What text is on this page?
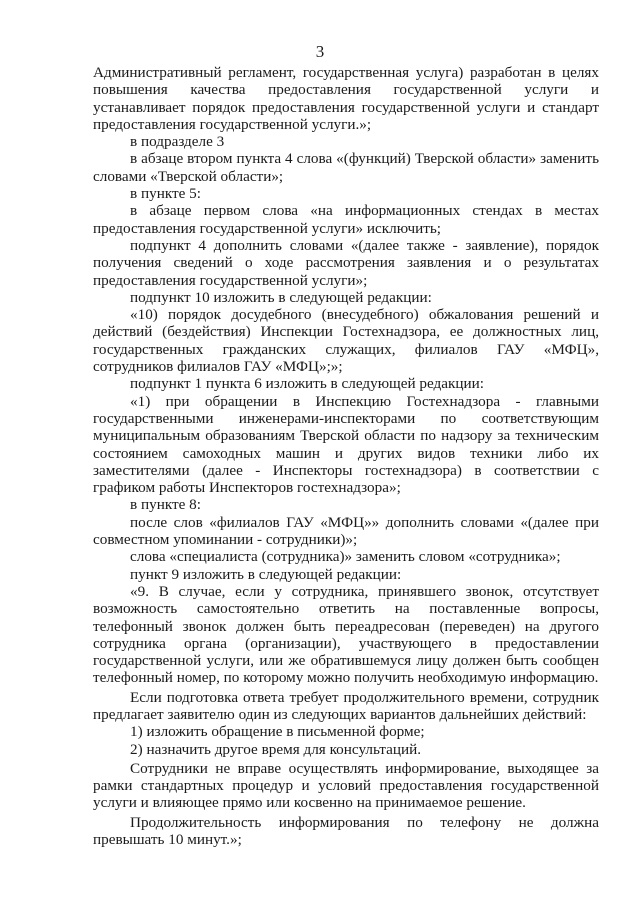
3

Административный регламент, государственная услуга) разработан в целях повышения качества предоставления государственной услуги и устанавливает порядок предоставления государственной услуги и стандарт предоставления государственной услуги.»;

в подразделе 3

в абзаце втором пункта 4 слова «(функций) Тверской области» заменить словами «Тверской области»;

в пункте 5:

в абзаце первом слова «на информационных стендах в местах предоставления государственной услуги» исключить;

подпункт 4 дополнить словами «(далее также - заявление), порядок получения сведений о ходе рассмотрения заявления и о результатах предоставления государственной услуги»;

подпункт 10 изложить в следующей редакции:

«10) порядок досудебного (внесудебного) обжалования решений и действий (бездействия) Инспекции Гостехнадзора, ее должностных лиц, государственных гражданских служащих, филиалов ГАУ «МФЦ», сотрудников филиалов ГАУ «МФЦ»;»;

подпункт 1 пункта 6 изложить в следующей редакции:

«1) при обращении в Инспекцию Гостехнадзора - главными государственными инженерами-инспекторами по соответствующим муниципальным образованиям Тверской области по надзору за техническим состоянием самоходных машин и других видов техники либо их заместителями (далее - Инспекторы гостехнадзора) в соответствии с графиком работы Инспекторов гостехнадзора»;

в пункте 8:

после слов «филиалов ГАУ «МФЦ»» дополнить словами «(далее при совместном упоминании - сотрудники)»;

слова «специалиста (сотрудника)» заменить словом «сотрудника»;

пункт 9 изложить в следующей редакции:

«9. В случае, если у сотрудника, принявшего звонок, отсутствует возможность самостоятельно ответить на поставленные вопросы, телефонный звонок должен быть переадресован (переведен) на другого сотрудника органа (организации), участвующего в предоставлении государственной услуги, или же обратившемуся лицу должен быть сообщен телефонный номер, по которому можно получить необходимую информацию.

Если подготовка ответа требует продолжительного времени, сотрудник предлагает заявителю один из следующих вариантов дальнейших действий:

1) изложить обращение в письменной форме;

2) назначить другое время для консультаций.

Сотрудники не вправе осуществлять информирование, выходящее за рамки стандартных процедур и условий предоставления государственной услуги и влияющее прямо или косвенно на принимаемое решение.

Продолжительность информирования по телефону не должна превышать 10 минут.»;
